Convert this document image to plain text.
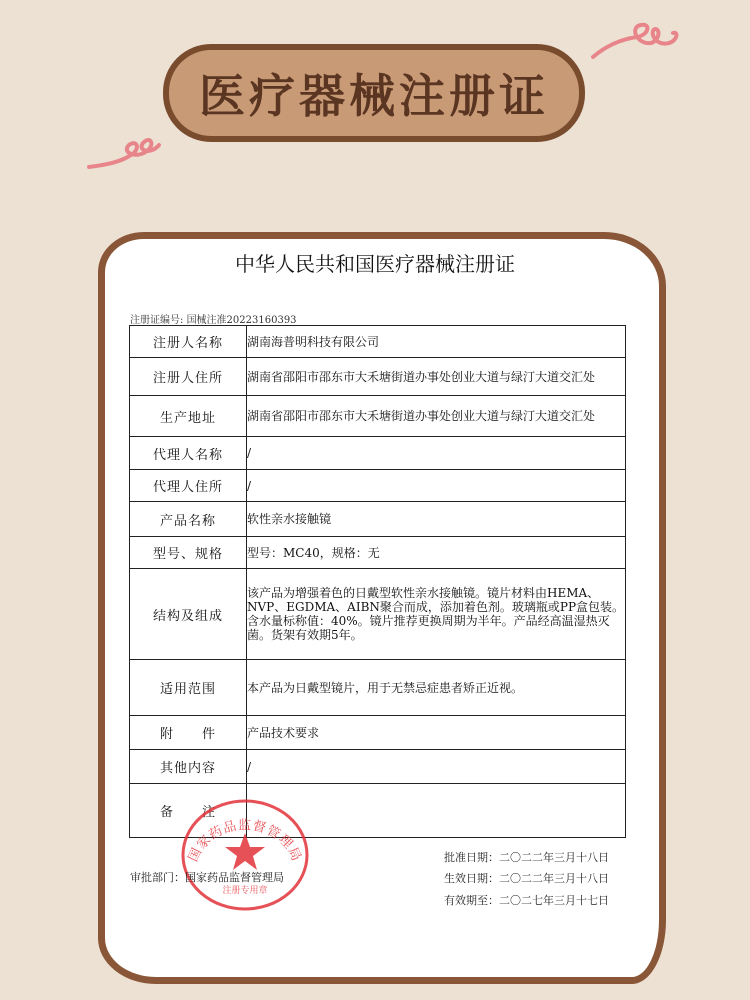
医疗器械注册证
中华人民共和国医疗器械注册证
注册证编号: 国械注准20223160393
注册人名称	湖南海普明科技有限公司
注册人住所	湖南省邵阳市邵东市大禾塘街道办事处创业大道与绿汀大道交汇处
生产地址	湖南省邵阳市邵东市大禾塘街道办事处创业大道与绿汀大道交汇处
代理人名称	/
代理人住所	/
产品名称	软性亲水接触镜
型号、规格	型号：MC40，规格：无
结构及组成	该产品为增强着色的日戴型软性亲水接触镜。镜片材料由HEMA、NVP、EGDMA、AIBN聚合而成，添加着色剂。玻璃瓶或PP盒包装。含水量标称值：40%。镜片推荐更换周期为半年。产品经高温湿热灭菌。货架有效期5年。
适用范围	本产品为日戴型镜片，用于无禁忌症患者矫正近视。
附　　件	产品技术要求
其他内容	/
备　　注	
国家药品监督管理局
注册专用章
审批部门：国家药品监督管理局
批准日期：二〇二二年三月十八日
生效日期：二〇二二年三月十八日
有效期至：二〇二七年三月十七日
